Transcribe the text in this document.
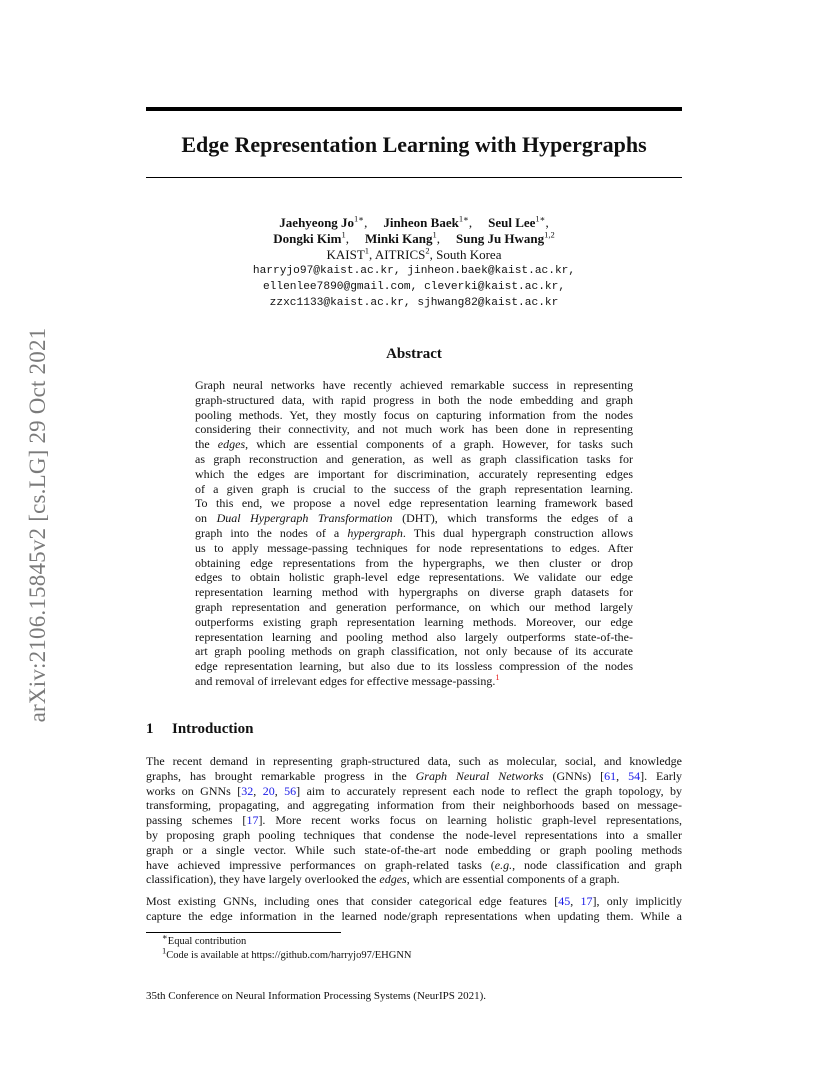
arXiv:2106.15845v2 [cs.LG] 29 Oct 2021
Edge Representation Learning with Hypergraphs
Jaehyeong $Jo^{1∗}$, Jinheon Baek$^{1∗}$, Seul Lee$^{1∗}$,
Dongki Kim$^1$, Minki Kang$^1$, Sung Ju Hwang$^{1,2}$
KAIST$^1$, AITRICS$^2$, South Korea
harryjo97@kaist.ac.kr, jinheon.baek@kaist.ac.kr,
ellenlee7890@gmail.com, cleverki@kaist.ac.kr,
zzxc1133@kaist.ac.kr, sjhwang82@kaist.ac.kr
Abstract
Graph neural networks have recently achieved remarkable success in representing
graph-structured data, with rapid progress in both the node embedding and graph
pooling methods. Yet, they mostly focus on capturing information from the nodes
considering their connectivity, and not much work has been done in representing
the edges, which are essential components of a graph. However, for tasks such
as graph reconstruction and generation, as well as graph classification tasks for
which the edges are important for discrimination, accurately representing edges
of a given graph is crucial to the success of the graph representation learning.
To this end, we propose a novel edge representation learning framework based
on Dual Hypergraph Transformation (DHT), which transforms the edges of a
graph into the nodes of a hypergraph. This dual hypergraph construction allows
us to apply message-passing techniques for node representations to edges. After
obtaining edge representations from the hypergraphs, we then cluster or drop
edges to obtain holistic graph-level edge representations. We validate our edge
representation learning method with hypergraphs on diverse graph datasets for
graph representation and generation performance, on which our method largely
outperforms existing graph representation learning methods. Moreover, our edge
representation learning and pooling method also largely outperforms state-of-the-
art graph pooling methods on graph classification, not only because of its accurate
edge representation learning, but also due to its lossless compression of the nodes
and removal of irrelevant edges for effective message-passing.$^1$
1 Introduction
The recent demand in representing graph-structured data, such as molecular, social, and knowledge
graphs, has brought remarkable progress in the Graph Neural Networks (GNNs) [61, 54]. Early
works on GNNs [32, 20, 56] aim to accurately represent each node to reflect the graph topology, by
transforming, propagating, and aggregating information from their neighborhoods based on message-
passing schemes [17]. More recent works focus on learning holistic graph-level representations,
by proposing graph pooling techniques that condense the node-level representations into a smaller
graph or a single vector. While such state-of-the-art node embedding or graph pooling methods
have achieved impressive performances on graph-related tasks (e.g., node classification and graph
classification), they have largely overlooked the edges, which are essential components of a graph.
Most existing GNNs, including ones that consider categorical edge features [45, 17], only implicitly
capture the edge information in the learned node/graph representations when updating them. While a
∗Equal contribution
$^1$Code is available at https://github.com/harryjo97/EHGNN
35th Conference on Neural Information Processing Systems (NeurIPS 2021).
